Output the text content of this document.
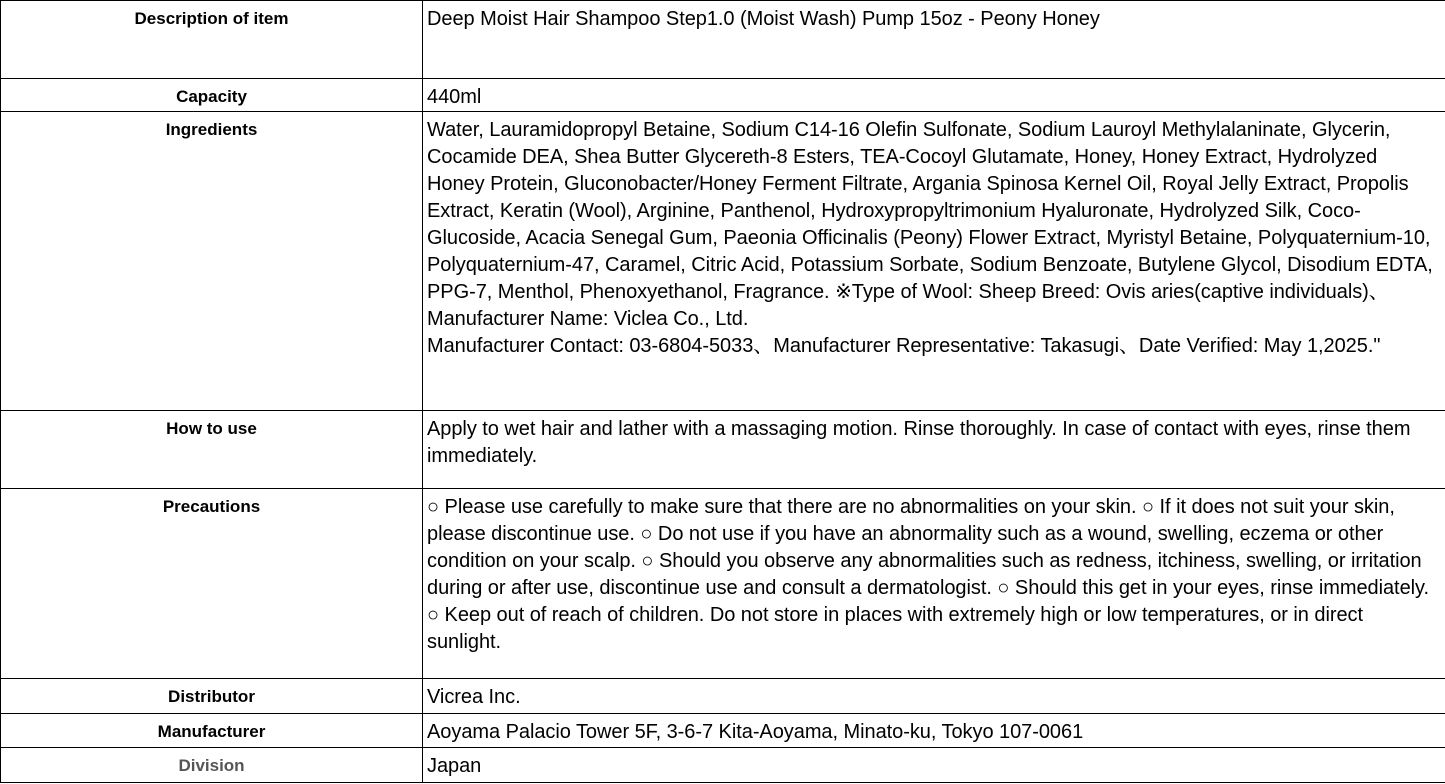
Description of item	Deep Moist Hair Shampoo Step1.0 (Moist Wash) Pump 15oz - Peony Honey
Capacity	440ml
Ingredients	Water, Lauramidopropyl Betaine, Sodium C14-16 Olefin Sulfonate, Sodium Lauroyl Methylalaninate, Glycerin, Cocamide DEA, Shea Butter Glycereth-8 Esters, TEA-Cocoyl Glutamate, Honey, Honey Extract, Hydrolyzed Honey Protein, Gluconobacter/Honey Ferment Filtrate, Argania Spinosa Kernel Oil, Royal Jelly Extract, Propolis Extract, Keratin (Wool), Arginine, Panthenol, Hydroxypropyltrimonium Hyaluronate, Hydrolyzed Silk, Coco-Glucoside, Acacia Senegal Gum, Paeonia Officinalis (Peony) Flower Extract, Myristyl Betaine, Polyquaternium-10, Polyquaternium-47, Caramel, Citric Acid, Potassium Sorbate, Sodium Benzoate, Butylene Glycol, Disodium EDTA, PPG-7, Menthol, Phenoxyethanol, Fragrance. ※Type of Wool: Sheep Breed: Ovis aries(captive individuals)、Manufacturer Name: Viclea Co., Ltd.
Manufacturer Contact: 03-6804-5033、Manufacturer Representative: Takasugi、Date Verified: May 1,2025."

How to use	Apply to wet hair and lather with a massaging motion. Rinse thoroughly. In case of contact with eyes, rinse them immediately.
Precautions	○ Please use carefully to make sure that there are no abnormalities on your skin. ○ If it does not suit your skin, please discontinue use. ○ Do not use if you have an abnormality such as a wound, swelling, eczema or other condition on your scalp. ○ Should you observe any abnormalities such as redness, itchiness, swelling, or irritation during or after use, discontinue use and consult a dermatologist. ○ Should this get in your eyes, rinse immediately. ○ Keep out of reach of children. Do not store in places with extremely high or low temperatures, or in direct sunlight.
Distributor	Vicrea Inc.
Manufacturer	Aoyama Palacio Tower 5F, 3-6-7 Kita-Aoyama, Minato-ku, Tokyo 107-0061
Division	Japan
